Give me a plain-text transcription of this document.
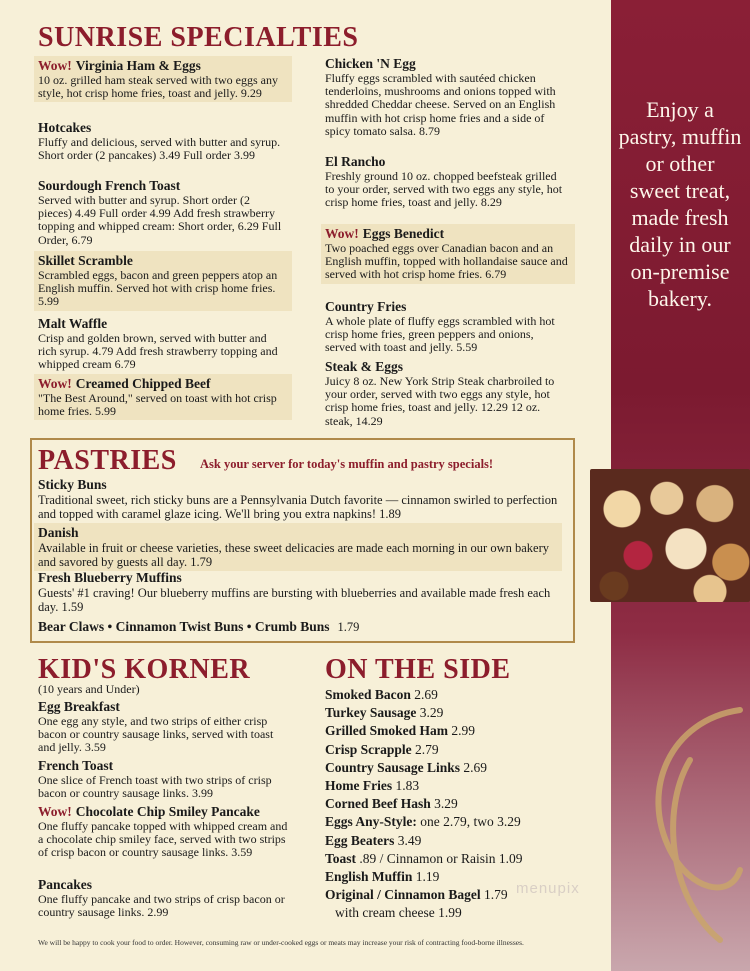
Enjoy a
pastry, muffin
or other
sweet treat,
made fresh
daily in our
on-premise
bakery.
menupix
SUNRISE SPECIALTIES
Wow! Virginia Ham & Eggs
10 oz. grilled ham steak served with two eggs any style, hot crisp home fries, toast and jelly. 9.29
Hotcakes
Fluffy and delicious, served with butter and syrup. Short order (2 pancakes) 3.49 Full order 3.99
Sourdough French Toast
Served with butter and syrup. Short order (2 pieces) 4.49 Full order 4.99 Add fresh strawberry topping and whipped cream: Short order, 6.29 Full Order, 6.79
Skillet Scramble
Scrambled eggs, bacon and green peppers atop an English muffin. Served hot with crisp home fries. 5.99
Malt Waffle
Crisp and golden brown, served with butter and rich syrup. 4.79 Add fresh strawberry topping and whipped cream 6.79
Wow! Creamed Chipped Beef
"The Best Around," served on toast with hot crisp home fries. 5.99
Chicken 'N Egg
Fluffy eggs scrambled with sautéed chicken tenderloins, mushrooms and onions topped with shredded Cheddar cheese. Served on an English muffin with hot crisp home fries and a side of spicy tomato salsa. 8.79
El Rancho
Freshly ground 10 oz. chopped beefsteak grilled to your order, served with two eggs any style, hot crisp home fries, toast and jelly. 8.29
Wow! Eggs Benedict
Two poached eggs over Canadian bacon and an English muffin, topped with hollandaise sauce and served with hot crisp home fries. 6.79
Country Fries
A whole plate of fluffy eggs scrambled with hot crisp home fries, green peppers and onions, served with toast and jelly. 5.59
Steak & Eggs
Juicy 8 oz. New York Strip Steak charbroiled to your order, served with two eggs any style, hot crisp home fries, toast and jelly. 12.29 12 oz. steak, 14.29
PASTRIES Ask your server for today's muffin and pastry specials!
Sticky Buns
Traditional sweet, rich sticky buns are a Pennsylvania Dutch favorite — cinnamon swirled to perfection and topped with caramel glaze icing. We'll bring you extra napkins! 1.89
Danish
Available in fruit or cheese varieties, these sweet delicacies are made each morning in our own bakery and savored by guests all day. 1.79
Fresh Blueberry Muffins
Guests' #1 craving! Our blueberry muffins are bursting with blueberries and available made fresh each day. 1.59
Bear Claws • Cinnamon Twist Buns • Crumb Buns 1.79
KID'S KORNER
(10 years and Under)
Egg Breakfast
One egg any style, and two strips of either crisp bacon or country sausage links, served with toast and jelly. 3.59
French Toast
One slice of French toast with two strips of crisp bacon or country sausage links. 3.99
Wow! Chocolate Chip Smiley Pancake
One fluffy pancake topped with whipped cream and a chocolate chip smiley face, served with two strips of crisp bacon or country sausage links. 3.59
Pancakes
One fluffy pancake and two strips of crisp bacon or country sausage links. 2.99
ON THE SIDE
Smoked Bacon 2.69
Turkey Sausage 3.29
Grilled Smoked Ham 2.99
Crisp Scrapple 2.79
Country Sausage Links 2.69
Home Fries 1.83
Corned Beef Hash 3.29
Eggs Any-Style: one 2.79, two 3.29
Egg Beaters 3.49
Toast .89 / Cinnamon or Raisin 1.09
English Muffin 1.19
Original / Cinnamon Bagel 1.79
with cream cheese 1.99
We will be happy to cook your food to order. However, consuming raw or under-cooked eggs or meats may increase your risk of contracting food-borne illnesses.
